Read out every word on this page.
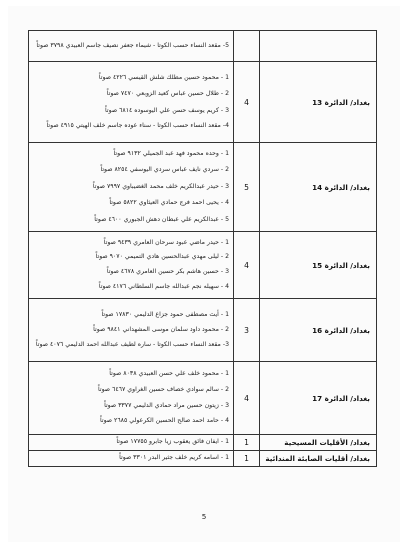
		5- مقعد النساء حسب الكوتا - شيماء جعفر نصيف جاسم العبيدي ٣٧٩٨ صوتاً

بغداد/ الدائرة 13	4	1 - محمود حسين مطلك شلش القيسي ٤٢٢٦ صوتاً
2 - طلال حسين عباس كعيد الزوبعي ٧٤٧٠ صوتاً
3 - كريم يوسف حسن علي اليوسوده ٦٨١٤ صوتاً
4- مقعد النساء حسب الكوتا - سناء عوده جاسم خلف الهيتي ٤٩١٥ صوتاً

بغداد/ الدائرة 14	5	1 - وحده محمود فهد عبد الجميلي ٩١٣٢ صوتاً
2 - سردي نايف عباس سردي اليوسفي ٨٢٥٤ صوتاً
3 - حيدر عبدالكريم خلف محمد الغضيباوي ٧٩٩٧ صوتاً
4 - يحيى احمد فرج حمادي العيثاوي ٥٨٢٢ صوتاً
5 - عبدالكريم علي عبطان دهش الجبوري ٤٦٠٠ صوتاً

بغداد/ الدائرة 15	4	1 - حيدر ماضي عبود سرحان العامري ٩٤٣٩ صوتاً
2 - ليلى مهدي عبدالحسين هادي التميمي ٩٠٧٠ صوتاً
3 - حسين هاشم بكر حسين العامري ٤٦٧٨ صوتاً
4 - سهيله نجم عبدالله جاسم السلطاني ٤١٧٦ صوتاً

بغداد/ الدائرة 16	3	1 - أيث مصطفى حمود جزاع الدليمي ١٧٨٣٠ صوتاً
2 - محمود داود سلمان موسى المشهداني ٩٨٤١ صوتاً
3- مقعد النساء حسب الكوتا - ساره لطيف عبدالله احمد الدليمي ٤٠٧٦ صوتاً

بغداد/ الدائرة 17	4	1 - محمود خلف علي حسن العبيدي ٨٠٣٨ صوتاً
2 - سالم سوادي خصاف حسين الغراوي ٦٤٦٧ صوتاً
3 - زيتون حسين مراد حمادي الدليمي ٣٣٧٧ صوتاً
4 - حامد احمد صالح الحسين الكرعولي ٢٦٨٥ صوتاً

بغداد/ الأقليات المسيحية	1	1 - ايفان فائق يعقوب زيا جابرو ١٧٧٥٥ صوتاً

بغداد/ أقليات الصابئة المندائية	1	1 - اسامه كريم خلف جثير البدر ٣٣٠١ صوتاً
5
